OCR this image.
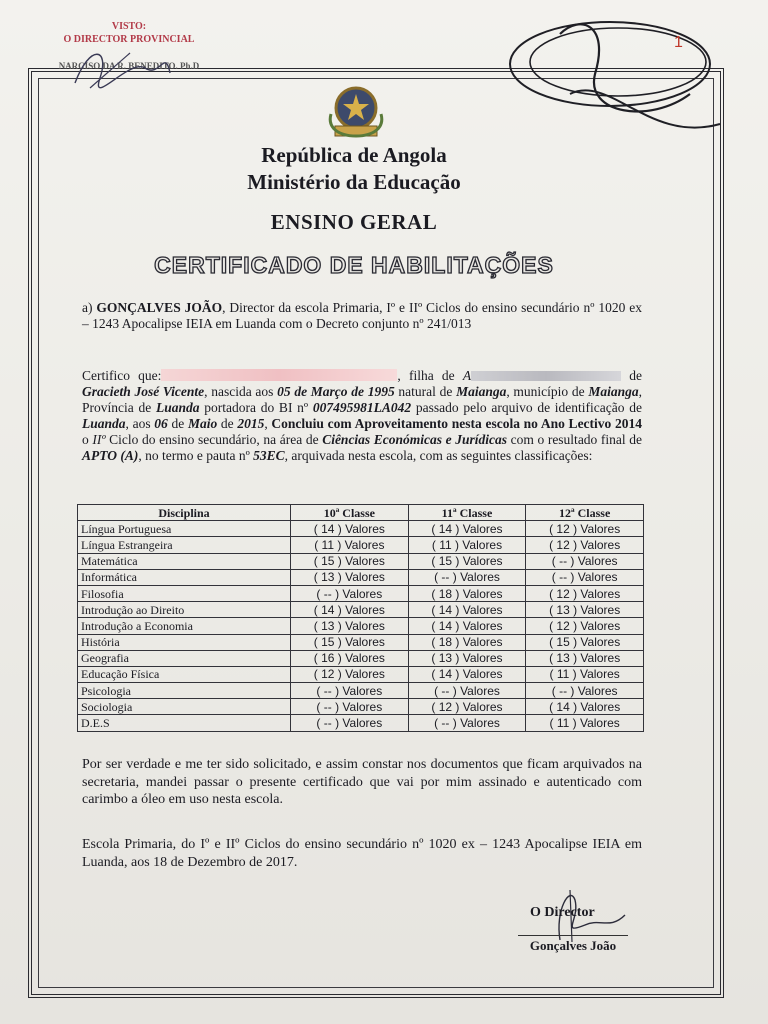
VISTO:
O DIRECTOR PROVINCIAL
NARCISO DA R. BENEDITO. Ph.D
1
República de Angola
Ministério da Educação
ENSINO GERAL
CERTIFICADO DE HABILITAÇÕES
a) GONÇALVES JOÃO, Director da escola Primaria, Iº e IIº Ciclos do ensino secundário nº 1020 ex – 1243 Apocalipse IEIA em Luanda com o Decreto conjunto nº 241/013
Certifico que:	, filha de A	de Gracieth José Vicente, nascida aos 05 de Março de 1995 natural de Maianga, município de Maianga, Província de Luanda portadora do BI nº 007495981LA042 passado pelo arquivo de identificação de Luanda, aos 06 de Maio de 2015, Concluiu com Aproveitamento nesta escola no Ano Lectivo 2014 o IIº Ciclo do ensino secundário, na área de Ciências Económicas e Jurídicas com o resultado final de APTO (A), no termo e pauta nº 53EC, arquivada nesta escola, com as seguintes classificações:
Disciplina	10ª Classe	11ª Classe	12ª Classe
Língua Portuguesa	( 14 ) Valores	( 14 ) Valores	( 12 ) Valores
Língua Estrangeira	( 11 ) Valores	( 11 ) Valores	( 12 ) Valores
Matemática	( 15 ) Valores	( 15 ) Valores	( -- ) Valores
Informática	( 13 ) Valores	( -- ) Valores	( -- ) Valores
Filosofia	( -- ) Valores	( 18 ) Valores	( 12 ) Valores
Introdução ao Direito	( 14 ) Valores	( 14 ) Valores	( 13 ) Valores
Introdução a Economia	( 13 ) Valores	( 14 ) Valores	( 12 ) Valores
História	( 15 ) Valores	( 18 ) Valores	( 15 ) Valores
Geografia	( 16 ) Valores	( 13 ) Valores	( 13 ) Valores
Educação Física	( 12 ) Valores	( 14 ) Valores	( 11 ) Valores
Psicologia	( -- ) Valores	( -- ) Valores	( -- ) Valores
Sociologia	( -- ) Valores	( 12 ) Valores	( 14 ) Valores
D.E.S	( -- ) Valores	( -- ) Valores	( 11 ) Valores
Por ser verdade e me ter sido solicitado, e assim constar nos documentos que ficam arquivados na secretaria, mandei passar o presente certificado que vai por mim assinado e autenticado com carimbo a óleo em uso nesta escola.
Escola Primaria, do Iº e IIº Ciclos do ensino secundário nº 1020 ex – 1243 Apocalipse IEIA em Luanda, aos 18 de Dezembro de 2017.
O Director
Gonçalves João
